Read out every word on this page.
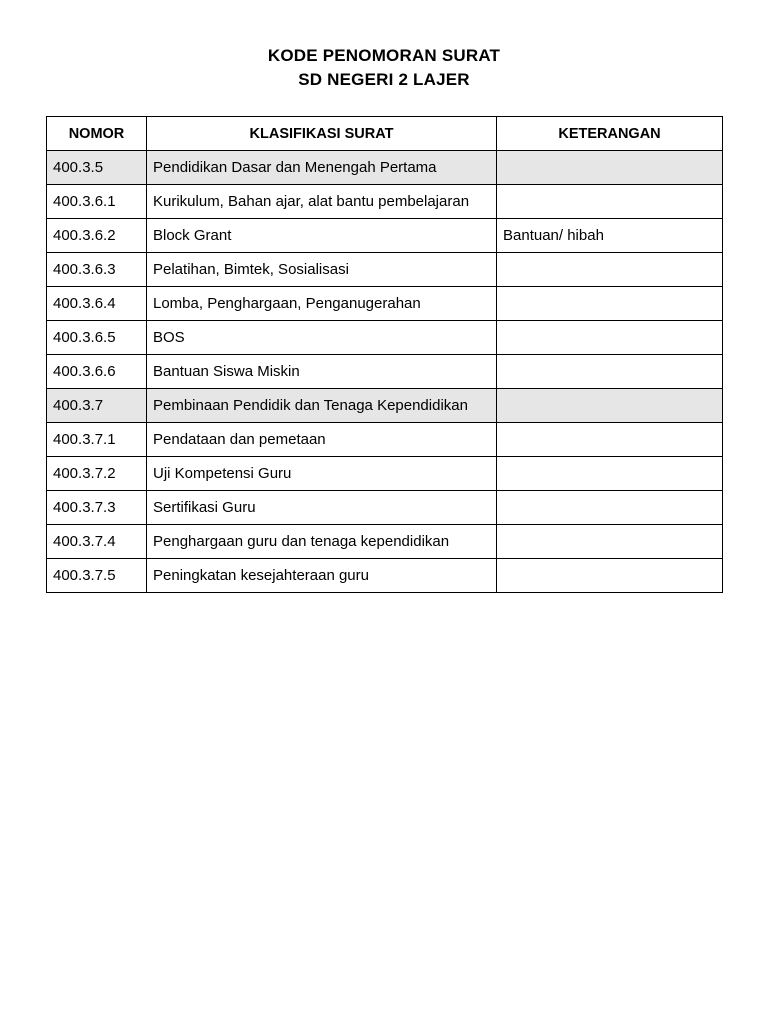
KODE PENOMORAN SURAT
SD NEGERI 2 LAJER
NOMOR	KLASIFIKASI SURAT	KETERANGAN
400.3.5	Pendidikan Dasar dan Menengah Pertama	
400.3.6.1	Kurikulum, Bahan ajar, alat bantu pembelajaran	
400.3.6.2	Block Grant	Bantuan/ hibah
400.3.6.3	Pelatihan, Bimtek, Sosialisasi	
400.3.6.4	Lomba, Penghargaan, Penganugerahan	
400.3.6.5	BOS	
400.3.6.6	Bantuan Siswa Miskin	
400.3.7	Pembinaan Pendidik dan Tenaga Kependidikan	
400.3.7.1	Pendataan dan pemetaan	
400.3.7.2	Uji Kompetensi Guru	
400.3.7.3	Sertifikasi Guru	
400.3.7.4	Penghargaan guru dan tenaga kependidikan	
400.3.7.5	Peningkatan kesejahteraan guru	
